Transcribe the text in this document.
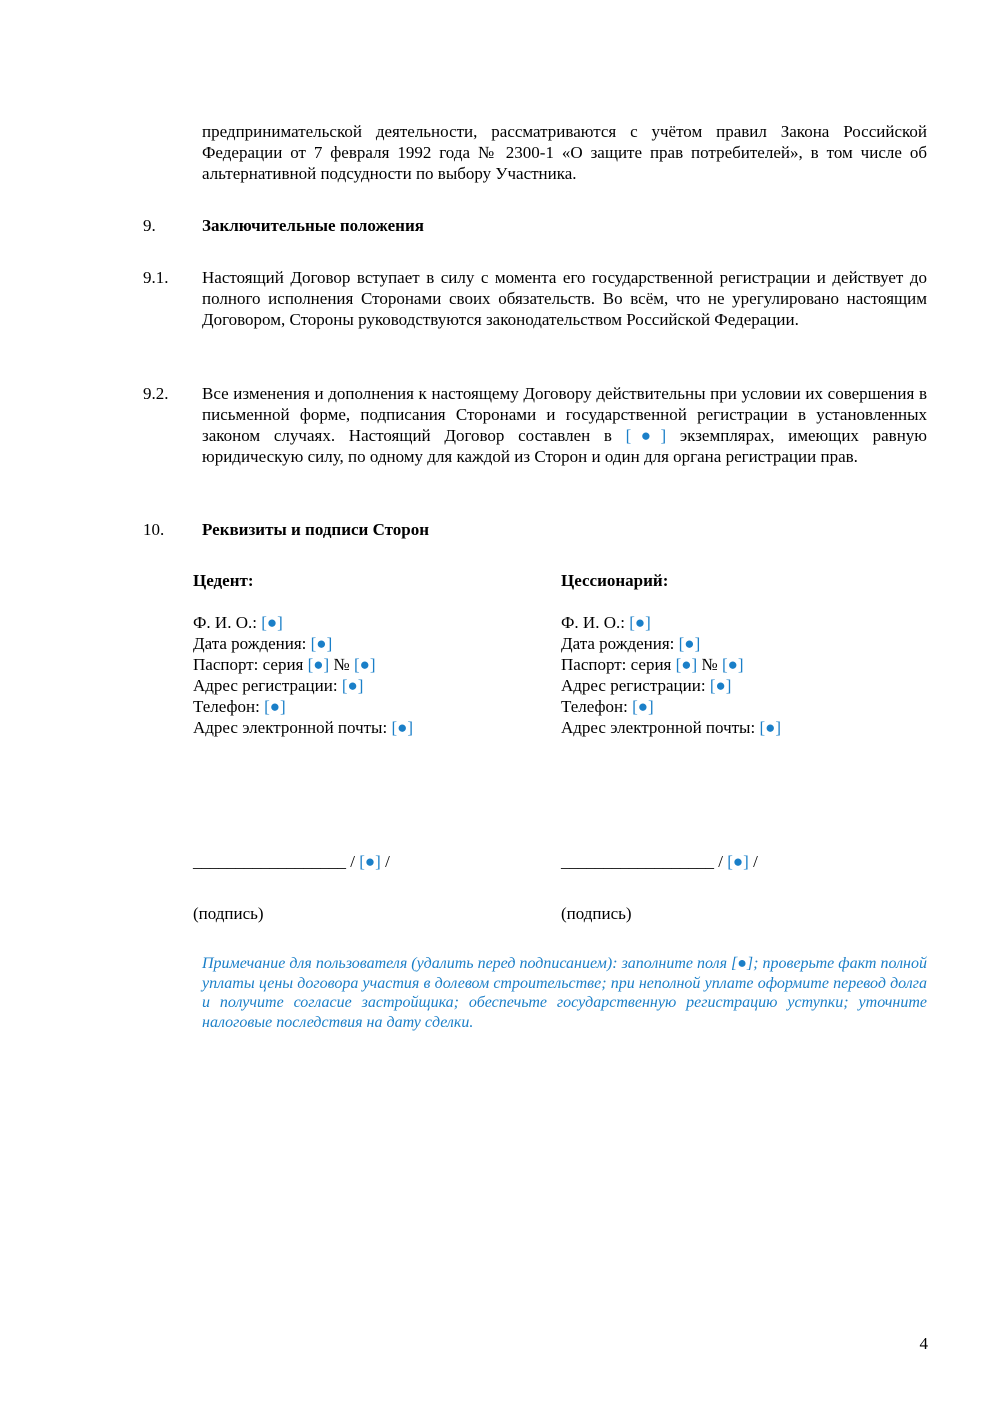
предпринимательской деятельности, рассматриваются с учётом правил Закона Российской Федерации от 7 февраля 1992 года № 2300-1 «О защите прав потребителей», в том числе об альтернативной подсудности по выбору Участника.
9.	Заключительные положения
9.1. Настоящий Договор вступает в силу с момента его государственной регистрации и действует до полного исполнения Сторонами своих обязательств. Во всём, что не урегулировано настоящим Договором, Стороны руководствуются законодательством Российской Федерации.
9.2. Все изменения и дополнения к настоящему Договору действительны при условии их совершения в письменной форме, подписания Сторонами и государственной регистрации в установленных законом случаях. Настоящий Договор составлен в [●] экземплярах, имеющих равную юридическую силу, по одному для каждой из Сторон и один для органа регистрации прав.
10. Реквизиты и подписи Сторон
Цедент:
Ф. И. О.: [●]
Дата рождения: [●]
Паспорт: серия [●] № [●]
Адрес регистрации: [●]
Телефон: [●]
Адрес электронной почты: [●]
__________________ / [●] /
(подпись)
Цессионарий:
Ф. И. О.: [●]
Дата рождения: [●]
Паспорт: серия [●] № [●]
Адрес регистрации: [●]
Телефон: [●]
Адрес электронной почты: [●]
__________________ / [●] /
(подпись)
Примечание для пользователя (удалить перед подписанием): заполните поля [●]; проверьте факт полной уплаты цены договора участия в долевом строительстве; при неполной уплате оформите перевод долга и получите согласие застройщика; обеспечьте государственную регистрацию уступки; уточните налоговые последствия на дату сделки.
4
